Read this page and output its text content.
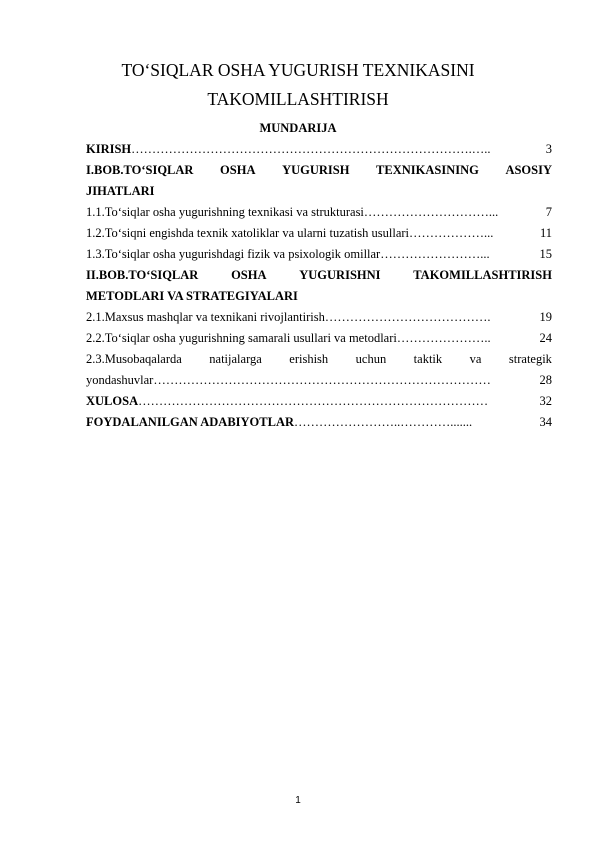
TO‘SIQLAR OSHA YUGURISH TEXNIKASINI
TAKOMILLASHTIRISH
MUNDARIJA
KIRISH ……………………………………………………………………….…..	3
I.BOB.TO‘SIQLAR OSHA YUGURISH TEXNIKASINING ASOSIY
JIHATLARI
1.1.To‘siqlar osha yugurishning texnikasi va strukturasi …………………………...	7
1.2.To‘siqni engishda texnik xatoliklar va ularni tuzatish usullari ………………...	11
1.3.To‘siqlar osha yugurishdagi fizik va psixologik omillar ……………………...	15
II.BOB.TO‘SIQLAR	OSHA	YUGURISHNI	TAKOMILLASHTIRISH
METODLARI VA STRATEGIYALARI
2.1.Maxsus mashqlar va texnikani rivojlantirish ………………………………….	19
2.2.To‘siqlar osha yugurishning samarali usullari va metodlari …………………..	24
2.3.Musobaqalarda natijalarga erishish uchun taktik va strategik
yondashuvlar ………………………………………………………………………	28
XULOSA …………………………………………………………………………	32
FOYDALANILGAN ADABIYOTLAR ……………………..………….......	34
1
